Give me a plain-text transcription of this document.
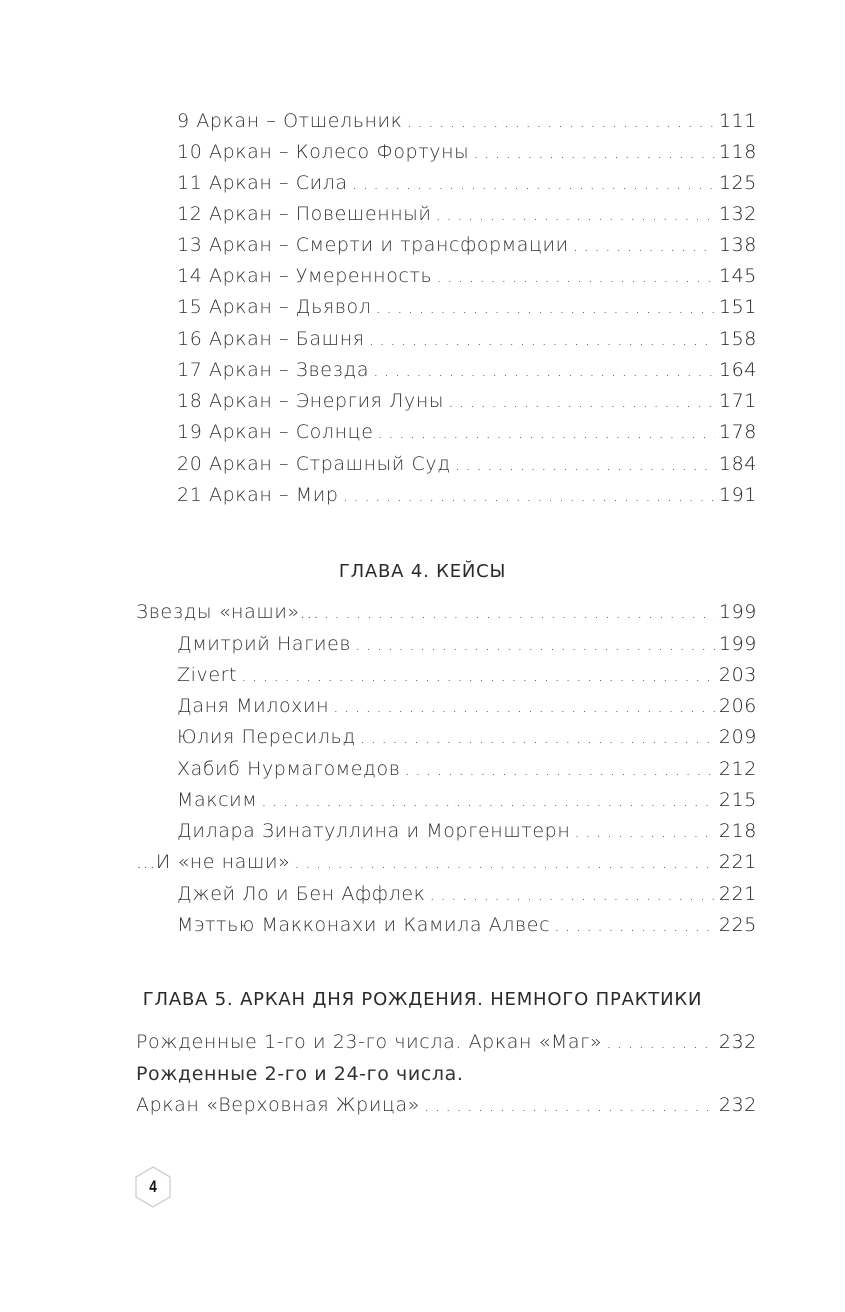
9 Аркан – Отшельник . . .	111
10 Аркан – Колесо Фортуны . . .	118
11 Аркан – Сила . . .	125
12 Аркан – Повешенный . . .	132
13 Аркан – Смерти и трансформации . . .	138
14 Аркан – Умеренность . . .	145
15 Аркан – Дьявол . . .	151
16 Аркан – Башня . . .	158
17 Аркан – Звезда . . .	164
18 Аркан – Энергия Луны . . .	171
19 Аркан – Солнце . . .	178
20 Аркан – Страшный Суд . . .	184
21 Аркан – Мир . . .	191
ГЛАВА 4. КЕЙСЫ
Звезды «наши»... . . .	199
Дмитрий Нагиев . . .	199
Zivert . . .	203
Даня Милохин . . .	206
Юлия Пересильд . . .	209
Хабиб Нурмагомедов . . .	212
Максим . . .	215
Дилара Зинатуллина и Моргенштерн . . .	218
...И «не наши» . . .	221
Джей Ло и Бен Аффлек . . .	221
Мэттью Макконахи и Камила Алвес . . .	225
ГЛАВА 5. АРКАН ДНЯ РОЖДЕНИЯ. НЕМНОГО ПРАКТИКИ
Рожденные 1-го и 23-го числа. Аркан «Маг» . . .	232
Рожденные 2-го и 24-го числа.
Аркан «Верховная Жрица» . . .	232
4
